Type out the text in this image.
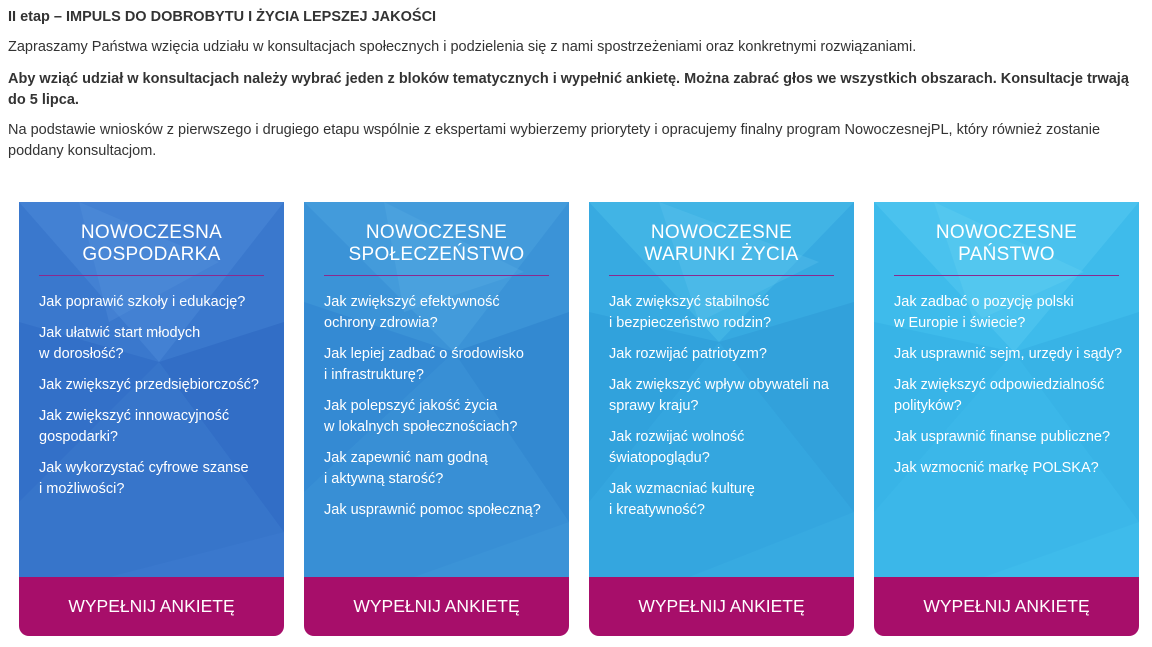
II etap – IMPULS DO DOBROBYTU I ŻYCIA LEPSZEJ JAKOŚCI

Zapraszamy Państwa wzięcia udziału w konsultacjach społecznych i podzielenia się z nami spostrzeżeniami oraz konkretnymi rozwiązaniami.

Aby wziąć udział w konsultacjach należy wybrać jeden z bloków tematycznych i wypełnić ankietę. Można zabrać głos we wszystkich obszarach. Konsultacje trwają do 5 lipca.

Na podstawie wniosków z pierwszego i drugiego etapu wspólnie z ekspertami wybierzemy priorytety i opracujemy finalny program NowoczesnejPL, który również zostanie poddany konsultacjom.

NOWOCZESNA
GOSPODARKA
Jak poprawić szkoły i edukację?
Jak ułatwić start młodych
w dorosłość?
Jak zwiększyć przedsiębiorczość?
Jak zwiększyć innowacyjność
gospodarki?
Jak wykorzystać cyfrowe szanse
i możliwości?
WYPEŁNIJ ANKIETĘ
NOWOCZESNE
SPOŁECZEŃSTWO
Jak zwiększyć efektywność
ochrony zdrowia?
Jak lepiej zadbać o środowisko
i infrastrukturę?
Jak polepszyć jakość życia
w lokalnych społecznościach?
Jak zapewnić nam godną
i aktywną starość?
Jak usprawnić pomoc społeczną?
WYPEŁNIJ ANKIETĘ
NOWOCZESNE
WARUNKI ŻYCIA
Jak zwiększyć stabilność
i bezpieczeństwo rodzin?
Jak rozwijać patriotyzm?
Jak zwiększyć wpływ obywateli na
sprawy kraju?
Jak rozwijać wolność
światopoglądu?
Jak wzmacniać kulturę
i kreatywność?
WYPEŁNIJ ANKIETĘ
NOWOCZESNE
PAŃSTWO
Jak zadbać o pozycję polski
w Europie i świecie?
Jak usprawnić sejm, urzędy i sądy?
Jak zwiększyć odpowiedzialność
polityków?
Jak usprawnić finanse publiczne?
Jak wzmocnić markę POLSKA?
WYPEŁNIJ ANKIETĘ
